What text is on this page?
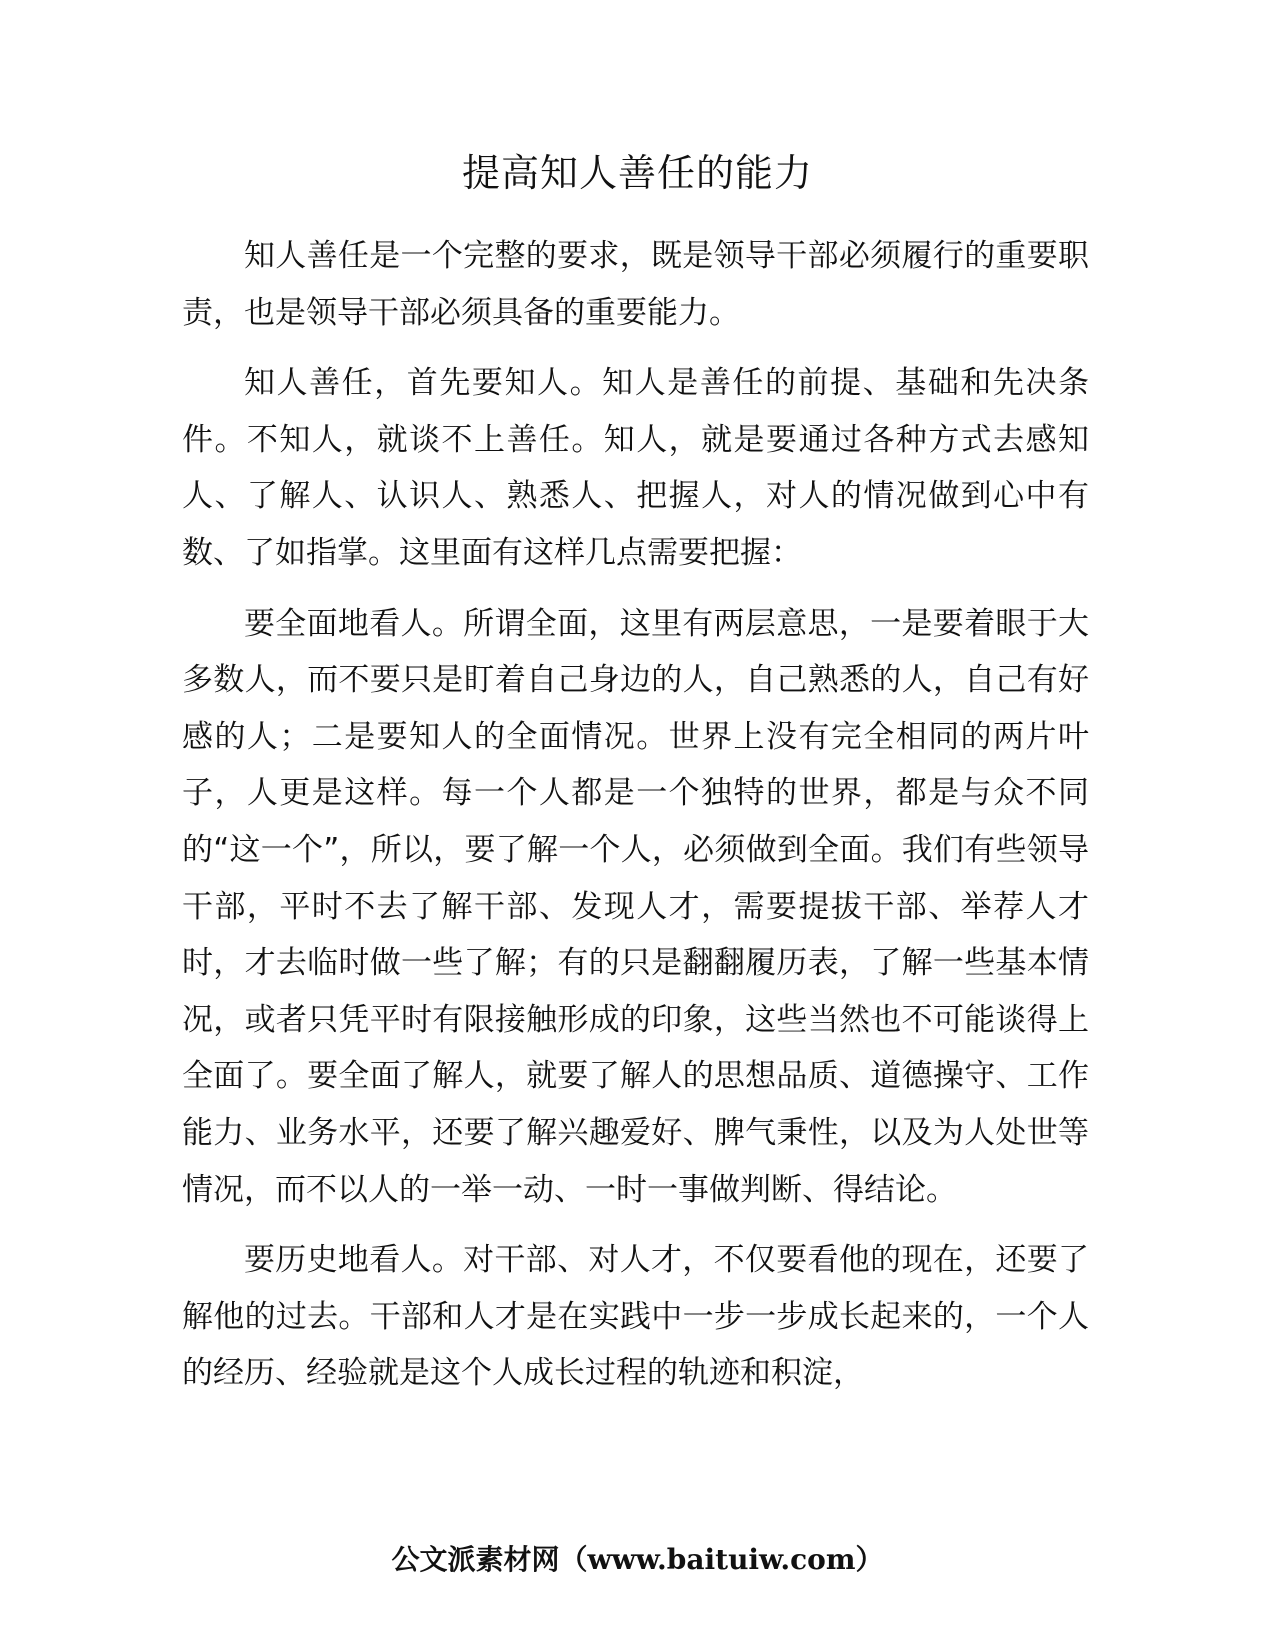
提高知人善任的能力

知人善任是一个完整的要求，既是领导干部必须履行的重要职责，也是领导干部必须具备的重要能力。

知人善任，首先要知人。知人是善任的前提、基础和先决条件。不知人，就谈不上善任。知人，就是要通过各种方式去感知人、了解人、认识人、熟悉人、把握人，对人的情况做到心中有数、了如指掌。这里面有这样几点需要把握：

要全面地看人。所谓全面，这里有两层意思，一是要着眼于大多数人，而不要只是盯着自己身边的人，自己熟悉的人，自己有好感的人；二是要知人的全面情况。世界上没有完全相同的两片叶子，人更是这样。每一个人都是一个独特的世界，都是与众不同的“这一个”，所以，要了解一个人，必须做到全面。我们有些领导干部，平时不去了解干部、发现人才，需要提拔干部、举荐人才时，才去临时做一些了解；有的只是翻翻履历表，了解一些基本情况，或者只凭平时有限接触形成的印象，这些当然也不可能谈得上全面了。要全面了解人，就要了解人的思想品质、道德操守、工作能力、业务水平，还要了解兴趣爱好、脾气秉性，以及为人处世等情况，而不以人的一举一动、一时一事做判断、得结论。

要历史地看人。对干部、对人才，不仅要看他的现在，还要了解他的过去。干部和人才是在实践中一步一步成长起来的，一个人的经历、经验就是这个人成长过程的轨迹和积淀，

公文派素材网（www.baituiw.com）
